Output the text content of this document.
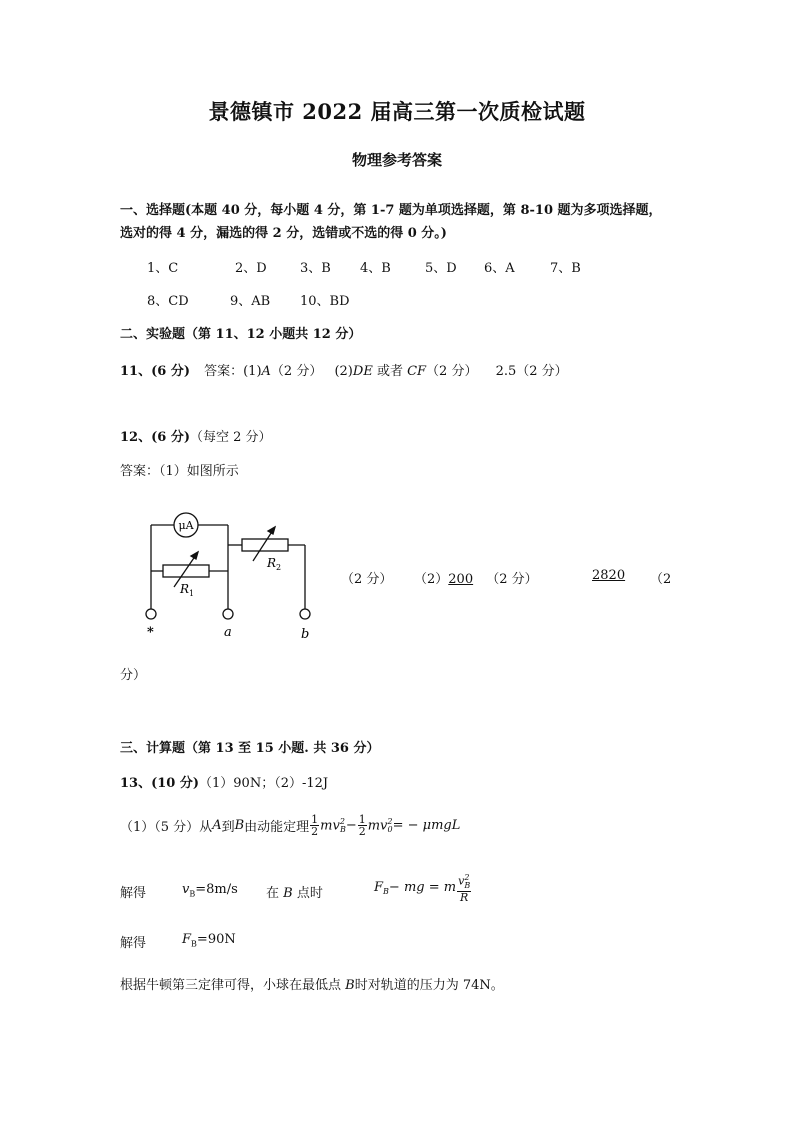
景德镇市 2022 届高三第一次质检试题
物理参考答案
一、选择题(本题 40 分，每小题 4 分，第 1-7 题为单项选择题，第 8-10 题为多项选择题，
选对的得 4 分，漏选的得 2 分，选错或不选的得 0 分。)
1、C	2、D	3、B 4、B	5、D 6、A	7、B
8、CD	9、AB 10、BD
二、实验题（第 11、12 小题共 12 分）
11、(6 分) 答案：(1)A（2 分） (2)DE 或者 CF（2 分） 2.5（2 分）
12、(6 分)（每空 2 分）
答案：（1）如图所示
μA
R 1
R 2
*	a	b
（2 分） （2）200 （2 分）	2820	（2
分）
三、计算题（第 13 至 15 小题. 共 36 分）
13、(10 分)（1）90N；（2）-12J
（1）（5 分）从 A 到 B 由动能定理 $\frac{1}{2} mv^2_B - \frac{1}{2} mv^2_0$ = − μmgL
解得	$v_B=8m/s$ 在 B 点时	$F_B$ − mg = m $\frac{v^2_B}{R}$
解得	$F_B=90N$
根据牛顿第三定律可得，小球在最低点 B时对轨道的压力为 74N。
